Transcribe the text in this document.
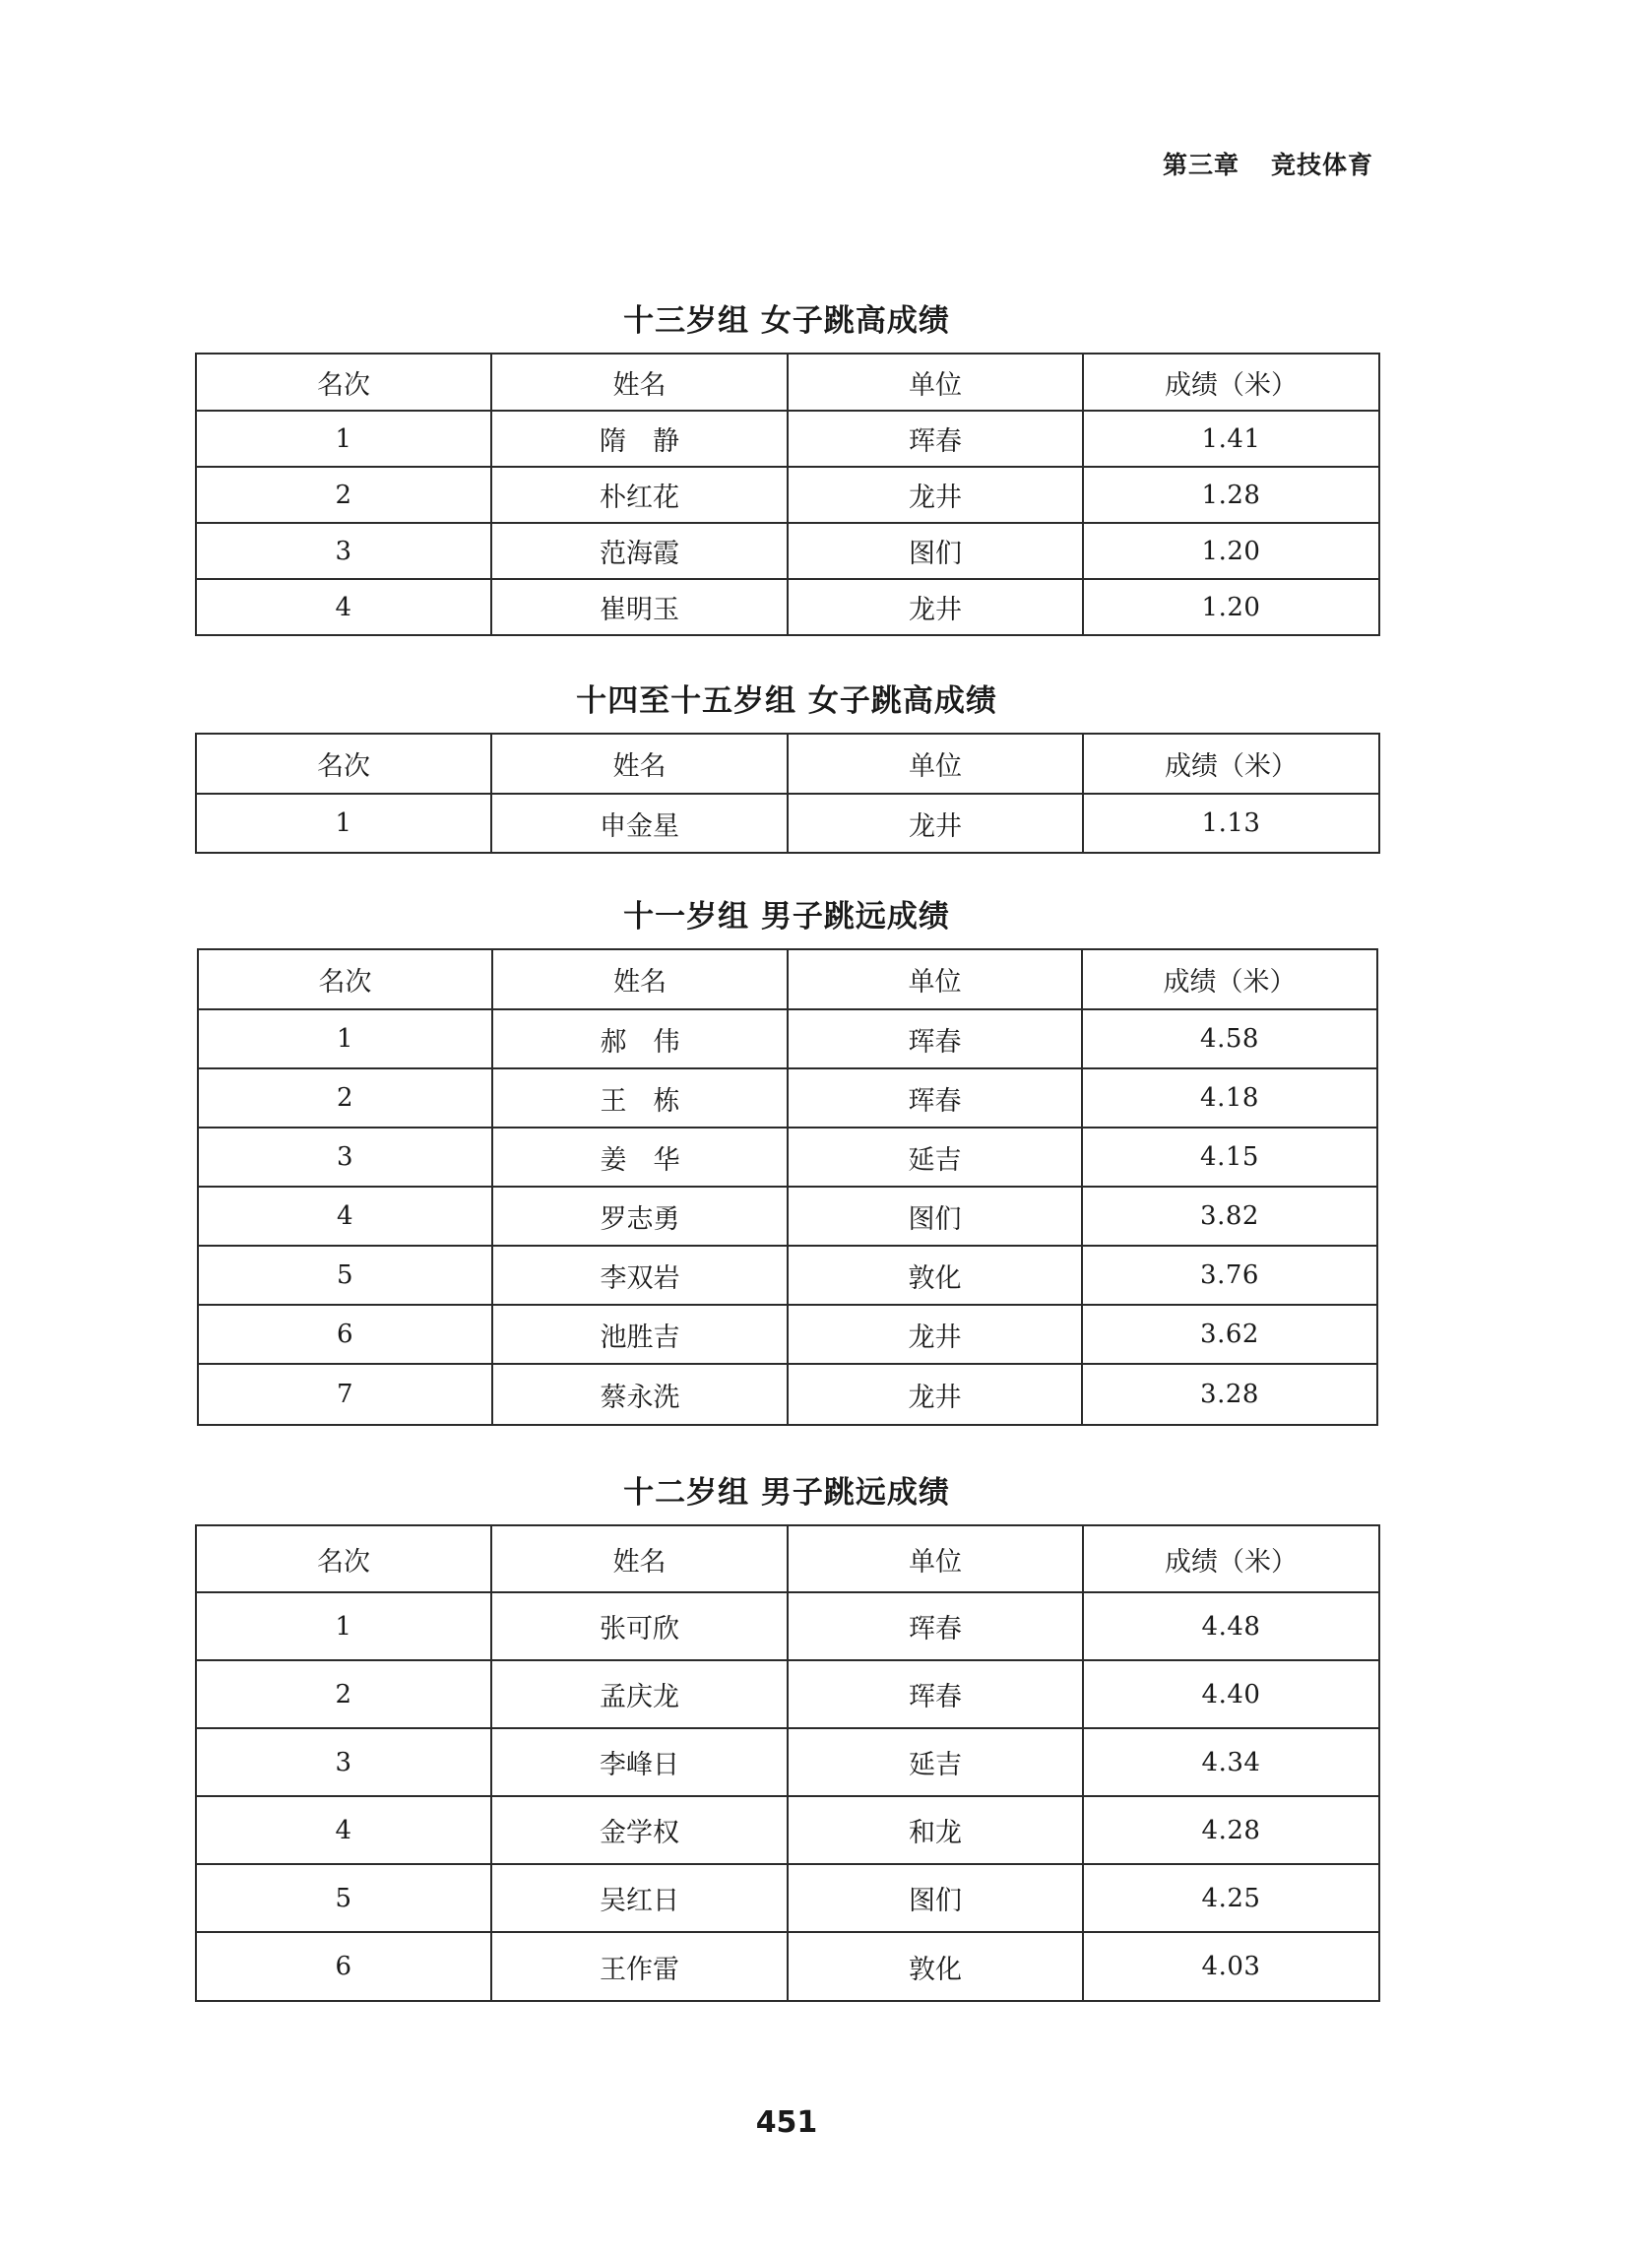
第三章 竞技体育
十三岁组 女子跳高成绩
名次	姓名	单位	成绩（米）
1	隋　静	珲春	1.41
2	朴红花	龙井	1.28
3	范海霞	图们	1.20
4	崔明玉	龙井	1.20
十四至十五岁组 女子跳高成绩
名次	姓名	单位	成绩（米）
1	申金星	龙井	1.13
十一岁组 男子跳远成绩
名次	姓名	单位	成绩（米）
1	郝　伟	珲春	4.58
2	王　栋	珲春	4.18
3	姜　华	延吉	4.15
4	罗志勇	图们	3.82
5	李双岩	敦化	3.76
6	池胜吉	龙井	3.62
7	蔡永洗	龙井	3.28
十二岁组 男子跳远成绩
名次	姓名	单位	成绩（米）
1	张可欣	珲春	4.48
2	孟庆龙	珲春	4.40
3	李峰日	延吉	4.34
4	金学权	和龙	4.28
5	吴红日	图们	4.25
6	王作雷	敦化	4.03
451
